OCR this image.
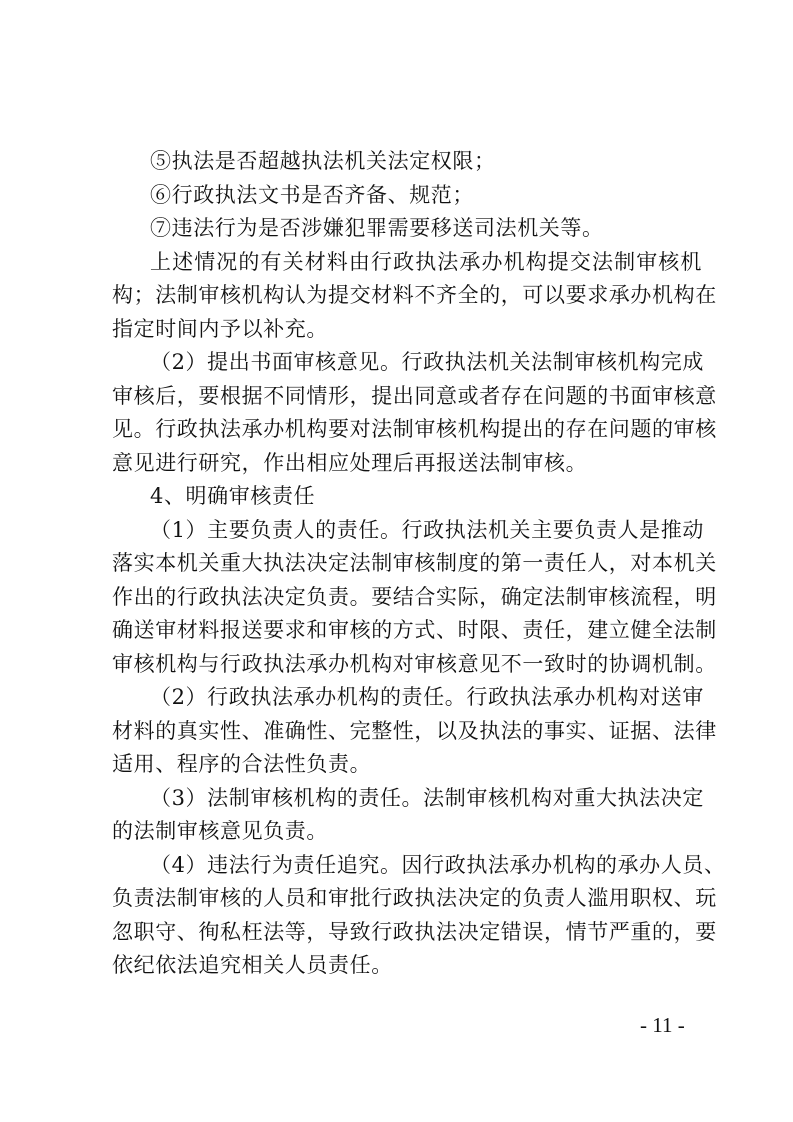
⑤执法是否超越执法机关法定权限；
⑥行政执法文书是否齐备、规范；
⑦违法行为是否涉嫌犯罪需要移送司法机关等。
上述情况的有关材料由行政执法承办机构提交法制审核机
构；法制审核机构认为提交材料不齐全的，可以要求承办机构在
指定时间内予以补充。
（2）提出书面审核意见。行政执法机关法制审核机构完成
审核后，要根据不同情形，提出同意或者存在问题的书面审核意
见。行政执法承办机构要对法制审核机构提出的存在问题的审核
意见进行研究，作出相应处理后再报送法制审核。
4、明确审核责任
（1）主要负责人的责任。行政执法机关主要负责人是推动
落实本机关重大执法决定法制审核制度的第一责任人，对本机关
作出的行政执法决定负责。要结合实际，确定法制审核流程，明
确送审材料报送要求和审核的方式、时限、责任，建立健全法制
审核机构与行政执法承办机构对审核意见不一致时的协调机制。
（2）行政执法承办机构的责任。行政执法承办机构对送审
材料的真实性、准确性、完整性，以及执法的事实、证据、法律
适用、程序的合法性负责。
（3）法制审核机构的责任。法制审核机构对重大执法决定
的法制审核意见负责。
（4）违法行为责任追究。因行政执法承办机构的承办人员、
负责法制审核的人员和审批行政执法决定的负责人滥用职权、玩
忽职守、徇私枉法等，导致行政执法决定错误，情节严重的，要
依纪依法追究相关人员责任。
- 11 -
